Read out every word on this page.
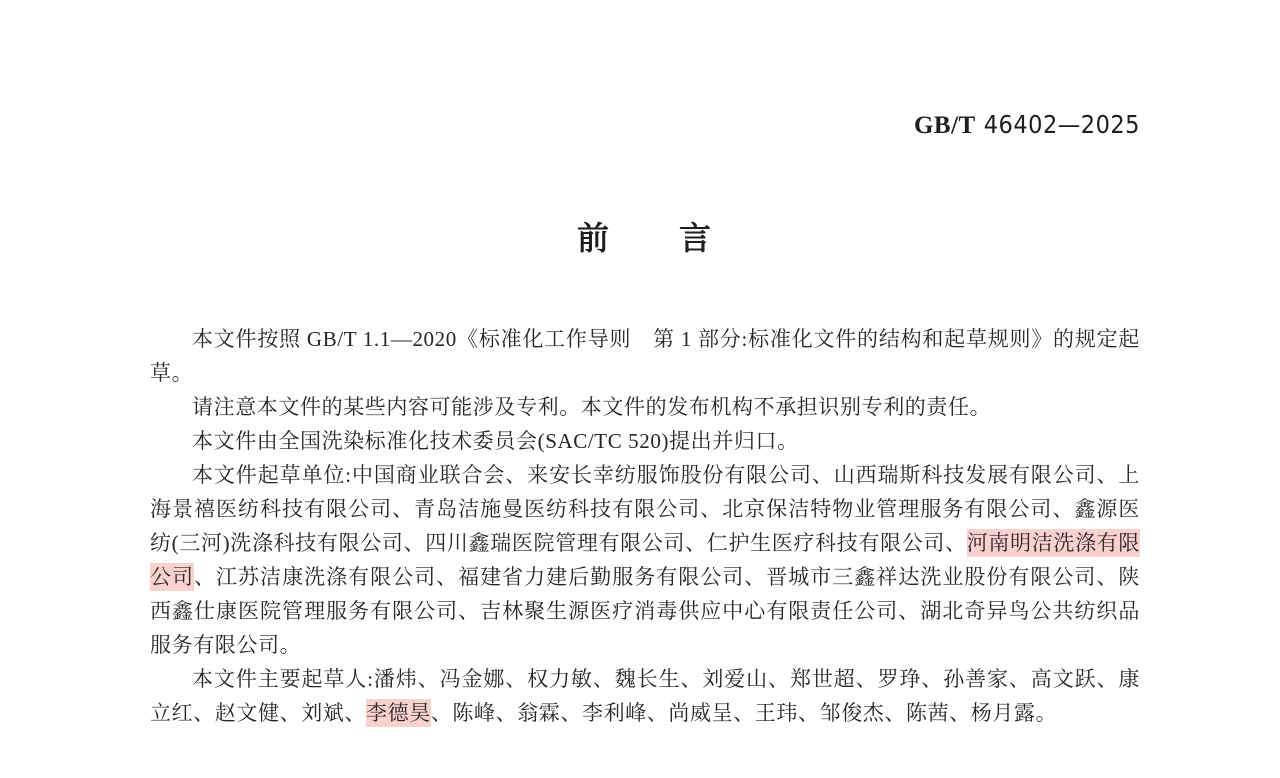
GB/T 46402—2025
前　　言

本文件按照 GB/T 1.1—2020《标准化工作导则　第 1 部分:标准化文件的结构和起草规则》的规定起草。

请注意本文件的某些内容可能涉及专利。本文件的发布机构不承担识别专利的责任。

本文件由全国洗染标准化技术委员会(SAC/TC 520)提出并归口。

本文件起草单位:中国商业联合会、来安长幸纺服饰股份有限公司、山西瑞斯科技发展有限公司、上海景禧医纺科技有限公司、青岛洁施曼医纺科技有限公司、北京保洁特物业管理服务有限公司、鑫源医纺(三河)洗涤科技有限公司、四川鑫瑞医院管理有限公司、仁护生医疗科技有限公司、河南明洁洗涤有限公司、江苏洁康洗涤有限公司、福建省力建后勤服务有限公司、晋城市三鑫祥达洗业股份有限公司、陕西鑫仕康医院管理服务有限公司、吉林聚生源医疗消毒供应中心有限责任公司、湖北奇异鸟公共纺织品服务有限公司。

本文件主要起草人:潘炜、冯金娜、权力敏、魏长生、刘爱山、郑世超、罗琤、孙善家、高文跃、康立红、赵文健、刘斌、李德昊、陈峰、翁霖、李利峰、尚威呈、王玮、邹俊杰、陈茜、杨月露。
